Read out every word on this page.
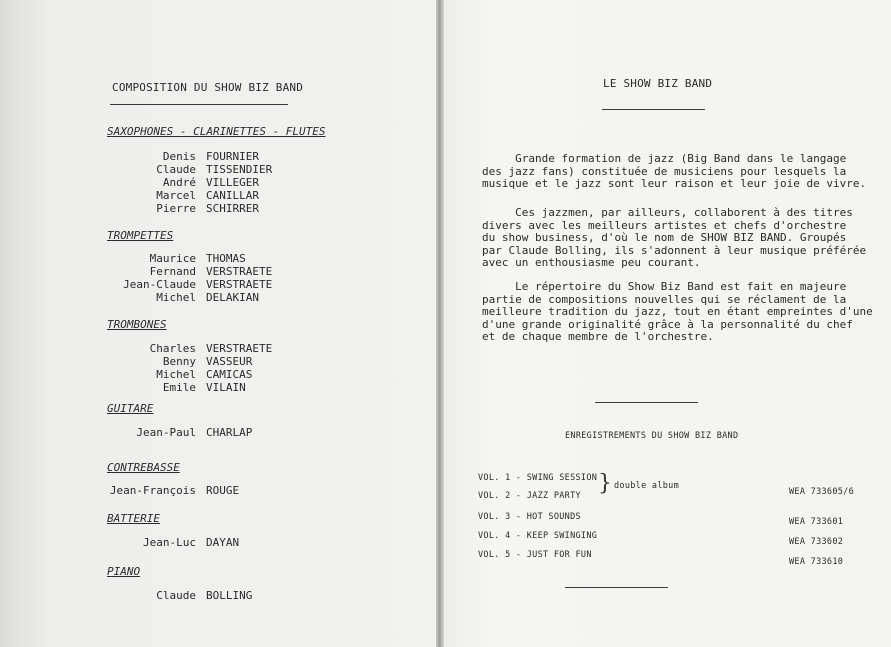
COMPOSITION DU SHOW BIZ BAND
SAXOPHONES - CLARINETTES - FLUTES
Denis FOURNIER
Claude TISSENDIER
André VILLEGER
Marcel CANILLAR
Pierre SCHIRRER
TROMPETTES
Maurice THOMAS
Fernand VERSTRAETE
Jean-Claude VERSTRAETE
Michel DELAKIAN
TROMBONES
Charles VERSTRAETE
Benny VASSEUR
Michel CAMICAS
Emile VILAIN
GUITARE
Jean-Paul CHARLAP
CONTREBASSE
Jean-François ROUGE
BATTERIE
Jean-Luc DAYAN
PIANO
Claude BOLLING
LE SHOW BIZ BAND
Grande formation de jazz (Big Band dans le langage
des jazz fans) constituée de musiciens pour lesquels la
musique et le jazz sont leur raison et leur joie de vivre.
Ces jazzmen, par ailleurs, collaborent à des titres
divers avec les meilleurs artistes et chefs d'orchestre
du show business, d'où le nom de SHOW BIZ BAND. Groupés
par Claude Bolling, ils s'adonnent à leur musique préférée
avec un enthousiasme peu courant.
Le répertoire du Show Biz Band est fait en majeure
partie de compositions nouvelles qui se réclament de la
meilleure tradition du jazz, tout en étant empreintes d'une
d'une grande originalité grâce à la personnalité du chef
et de chaque membre de l'orchestre.
ENREGISTREMENTS DU SHOW BIZ BAND
VOL. 1 - SWING SESSION
VOL. 2 - JAZZ PARTY } double album
WEA 733605/6
VOL. 3 - HOT SOUNDS
VOL. 4 - KEEP SWINGING
VOL. 5 - JUST FOR FUN
WEA 733601
WEA 733602
WEA 733610
